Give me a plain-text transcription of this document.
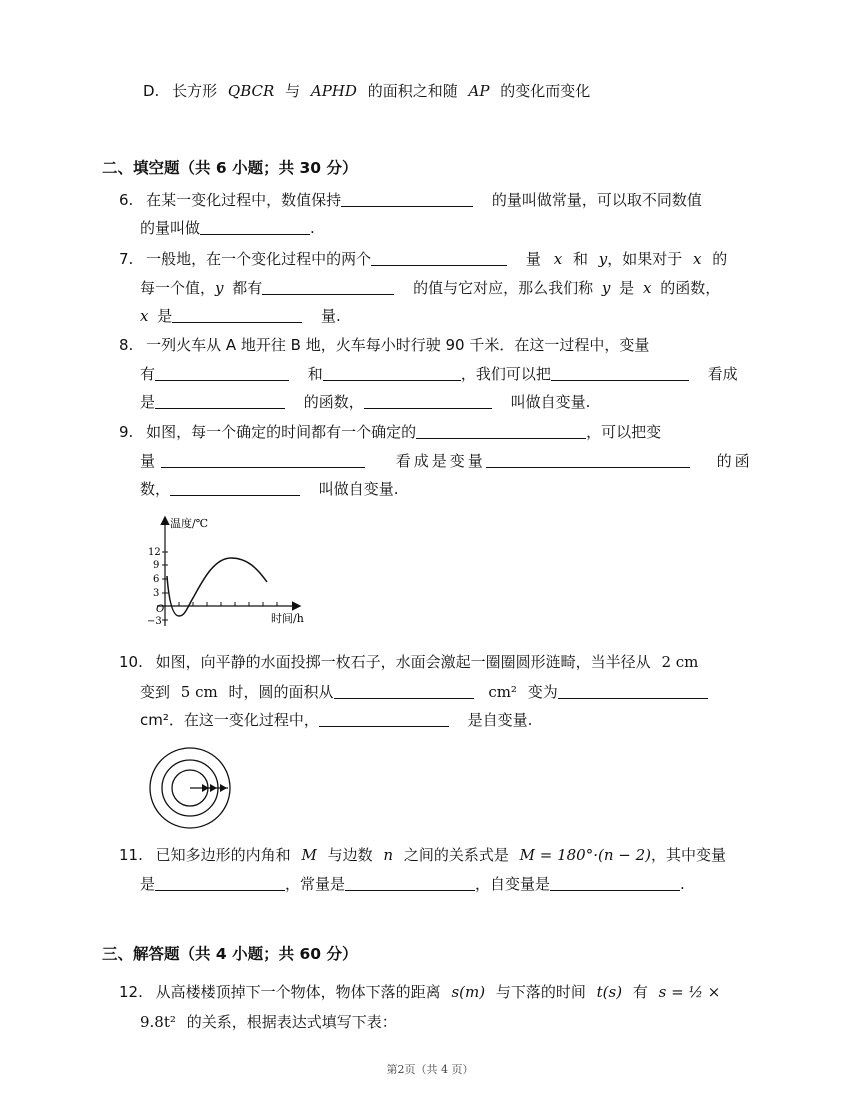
D. 长方形 QBCR 与 APHD 的面积之和随 AP 的变化而变化
二、填空题（共 6 小题；共 30 分）
6. 在某一变化过程中，数值保持	的量叫做常量，可以取不同数值
的量叫做	.
7. 一般地，在一个变化过程中的两个	量 x 和 y，如果对于 x 的
每一个值，y 都有	的值与它对应，那么我们称 y 是 x 的函数，
x 是	量.
8. 一列火车从 A 地开往 B 地，火车每小时行驶 90 千米．在这一过程中，变量
有	和	，我们可以把	看成
是	的函数，	叫做自变量.
9. 如图，每一个确定的时间都有一个确定的	，可以把变
量	看成是变量	的函
数，	叫做自变量.
温度/℃
时间/h
O
12
9
6
3
−3
10. 如图，向平静的水面投掷一枚石子，水面会激起一圈圈圆形涟畸，当半径从 2 cm
变到 5 cm 时，圆的面积从	cm² 变为
cm²．在这一变化过程中，	是自变量.
11. 已知多边形的内角和 M 与边数 n 之间的关系式是 M = 180°·(n − 2)，其中变量
是	，常量是	，自变量是	.
三、解答题（共 4 小题；共 60 分）
12. 从高楼楼顶掉下一个物体，物体下落的距离 s(m) 与下落的时间 t(s) 有 s = ½ ×
9.8t² 的关系，根据表达式填写下表：
第2页（共 4 页）
